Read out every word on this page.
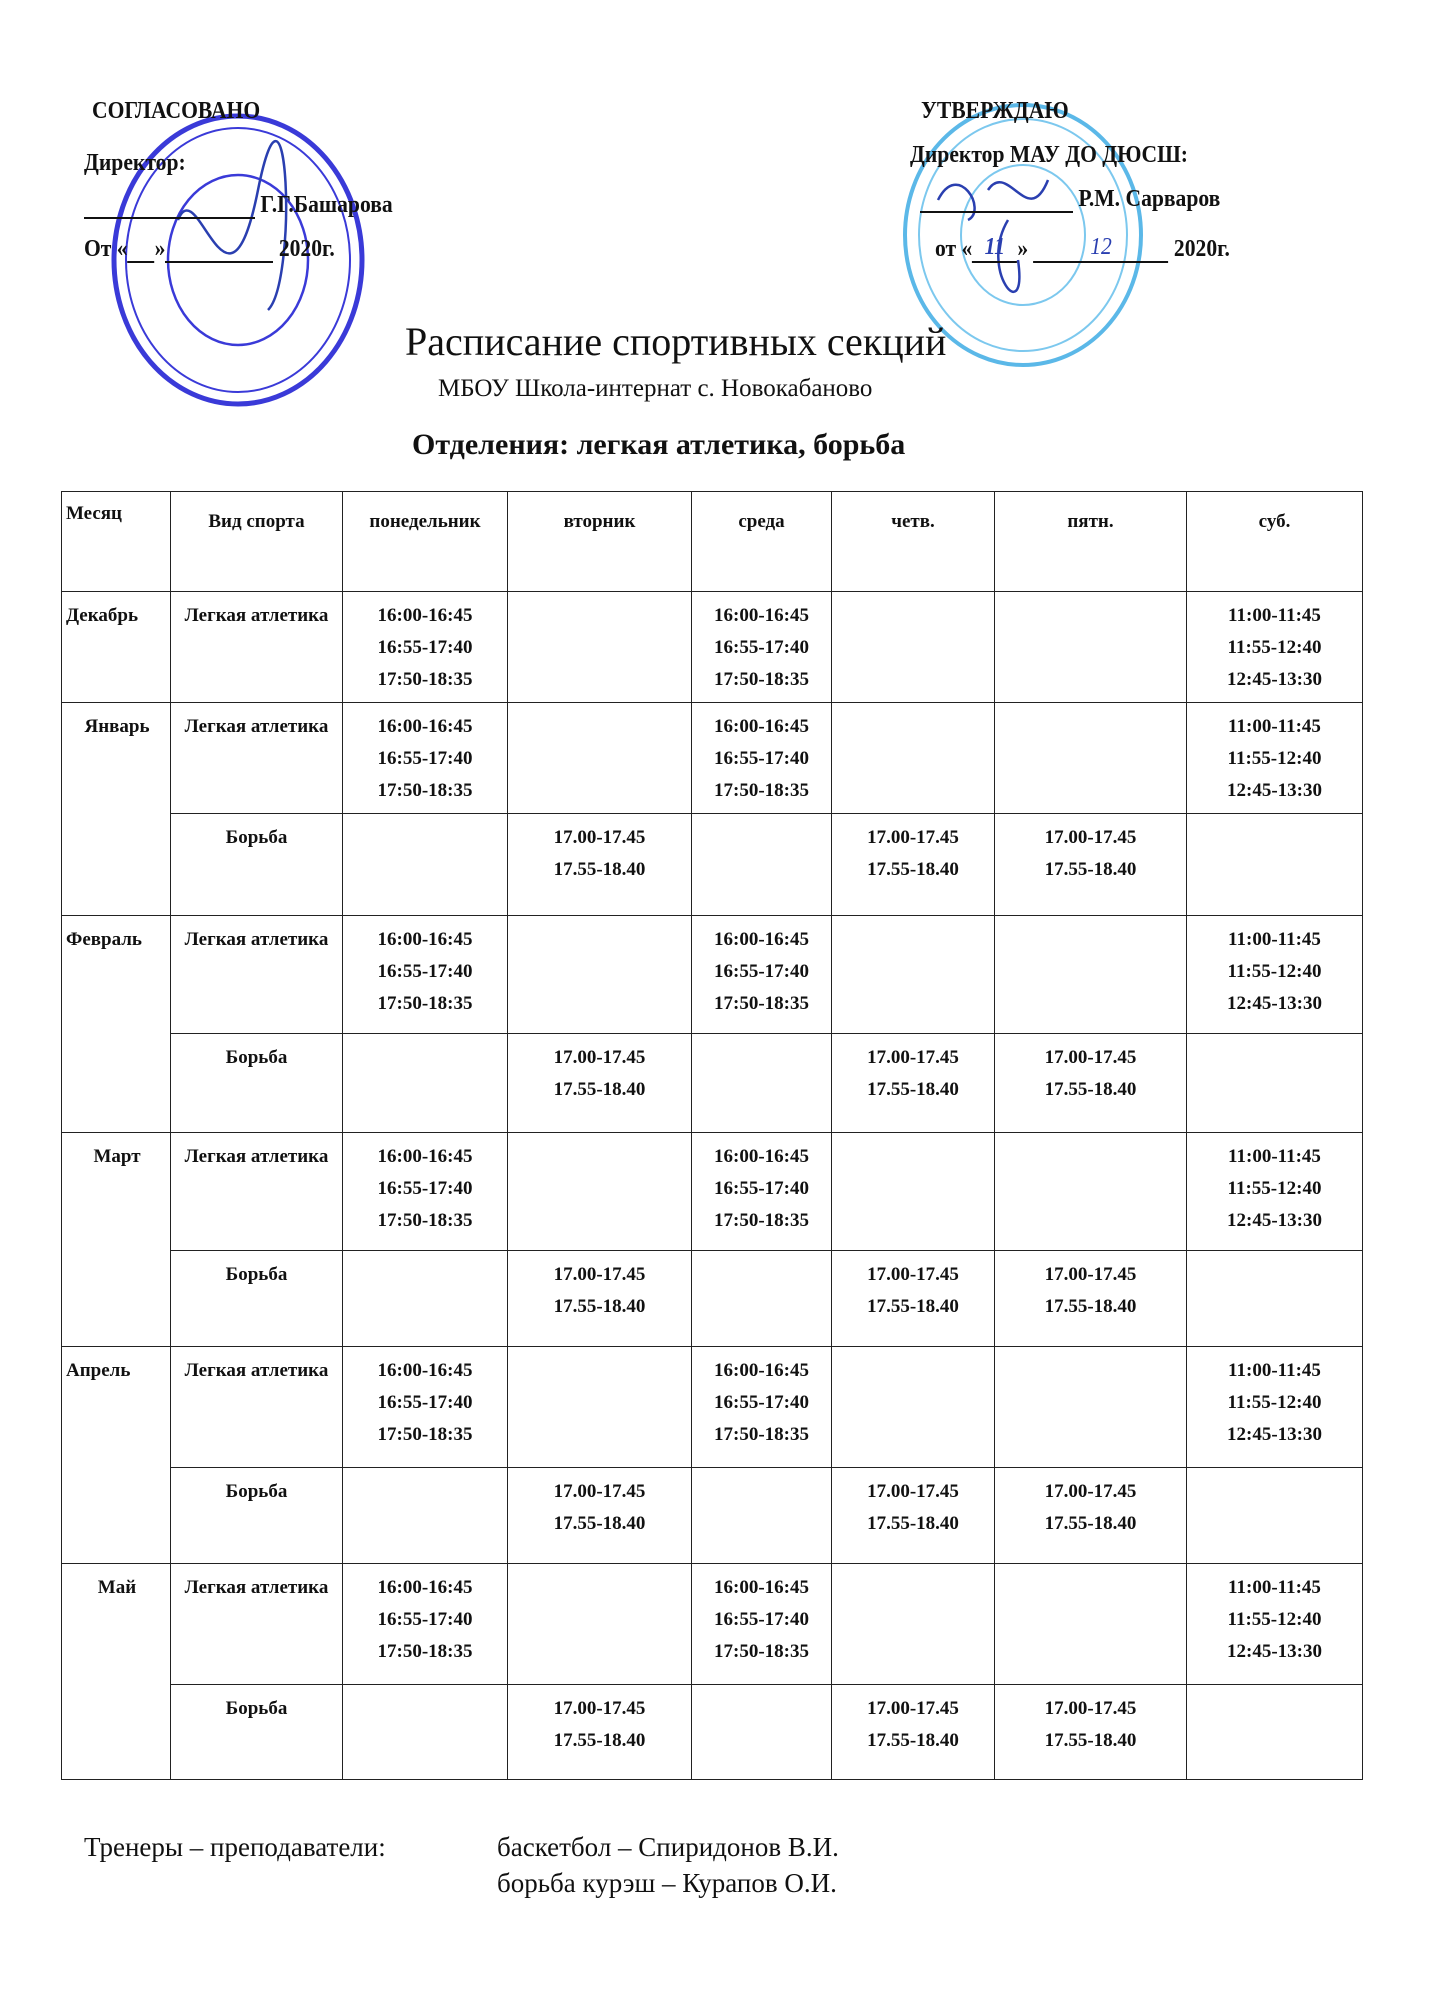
СОГЛАСОВАНО
Директор:
Г.Г.Башарова
От « »	2020г.
УТВЕРЖДАЮ
Директор МАУ ДО ДЮСШ:
Р.М. Сарваров
от « 11 »	12	2020г.
Расписание спортивных секций
МБОУ Школа-интернат с. Новокабаново
Отделения: легкая атлетика, борьба
Месяц	Вид спорта	понедельник	вторник	среда	четв.	пятн.	суб.
Декабрь	Легкая атлетика	16:00-16:45
16:55-17:40
17:50-18:35		16:00-16:45
16:55-17:40
17:50-18:35			11:00-11:45
11:55-12:40
12:45-13:30
Январь	Легкая атлетика	16:00-16:45
16:55-17:40
17:50-18:35		16:00-16:45
16:55-17:40
17:50-18:35			11:00-11:45
11:55-12:40
12:45-13:30
	Борьба		17.00-17.45
17.55-18.40		17.00-17.45
17.55-18.40	17.00-17.45
17.55-18.40	
Февраль	Легкая атлетика	16:00-16:45
16:55-17:40
17:50-18:35		16:00-16:45
16:55-17:40
17:50-18:35			11:00-11:45
11:55-12:40
12:45-13:30
	Борьба		17.00-17.45
17.55-18.40		17.00-17.45
17.55-18.40	17.00-17.45
17.55-18.40	
Март	Легкая атлетика	16:00-16:45
16:55-17:40
17:50-18:35		16:00-16:45
16:55-17:40
17:50-18:35			11:00-11:45
11:55-12:40
12:45-13:30
	Борьба		17.00-17.45
17.55-18.40		17.00-17.45
17.55-18.40	17.00-17.45
17.55-18.40	
Апрель	Легкая атлетика	16:00-16:45
16:55-17:40
17:50-18:35		16:00-16:45
16:55-17:40
17:50-18:35			11:00-11:45
11:55-12:40
12:45-13:30
	Борьба		17.00-17.45
17.55-18.40		17.00-17.45
17.55-18.40	17.00-17.45
17.55-18.40	
Май	Легкая атлетика	16:00-16:45
16:55-17:40
17:50-18:35		16:00-16:45
16:55-17:40
17:50-18:35			11:00-11:45
11:55-12:40
12:45-13:30
	Борьба		17.00-17.45
17.55-18.40		17.00-17.45
17.55-18.40	17.00-17.45
17.55-18.40	
Тренеры – преподаватели:	баскетбол – Спиридонов В.И.
борьба курэш – Курапов О.И.
